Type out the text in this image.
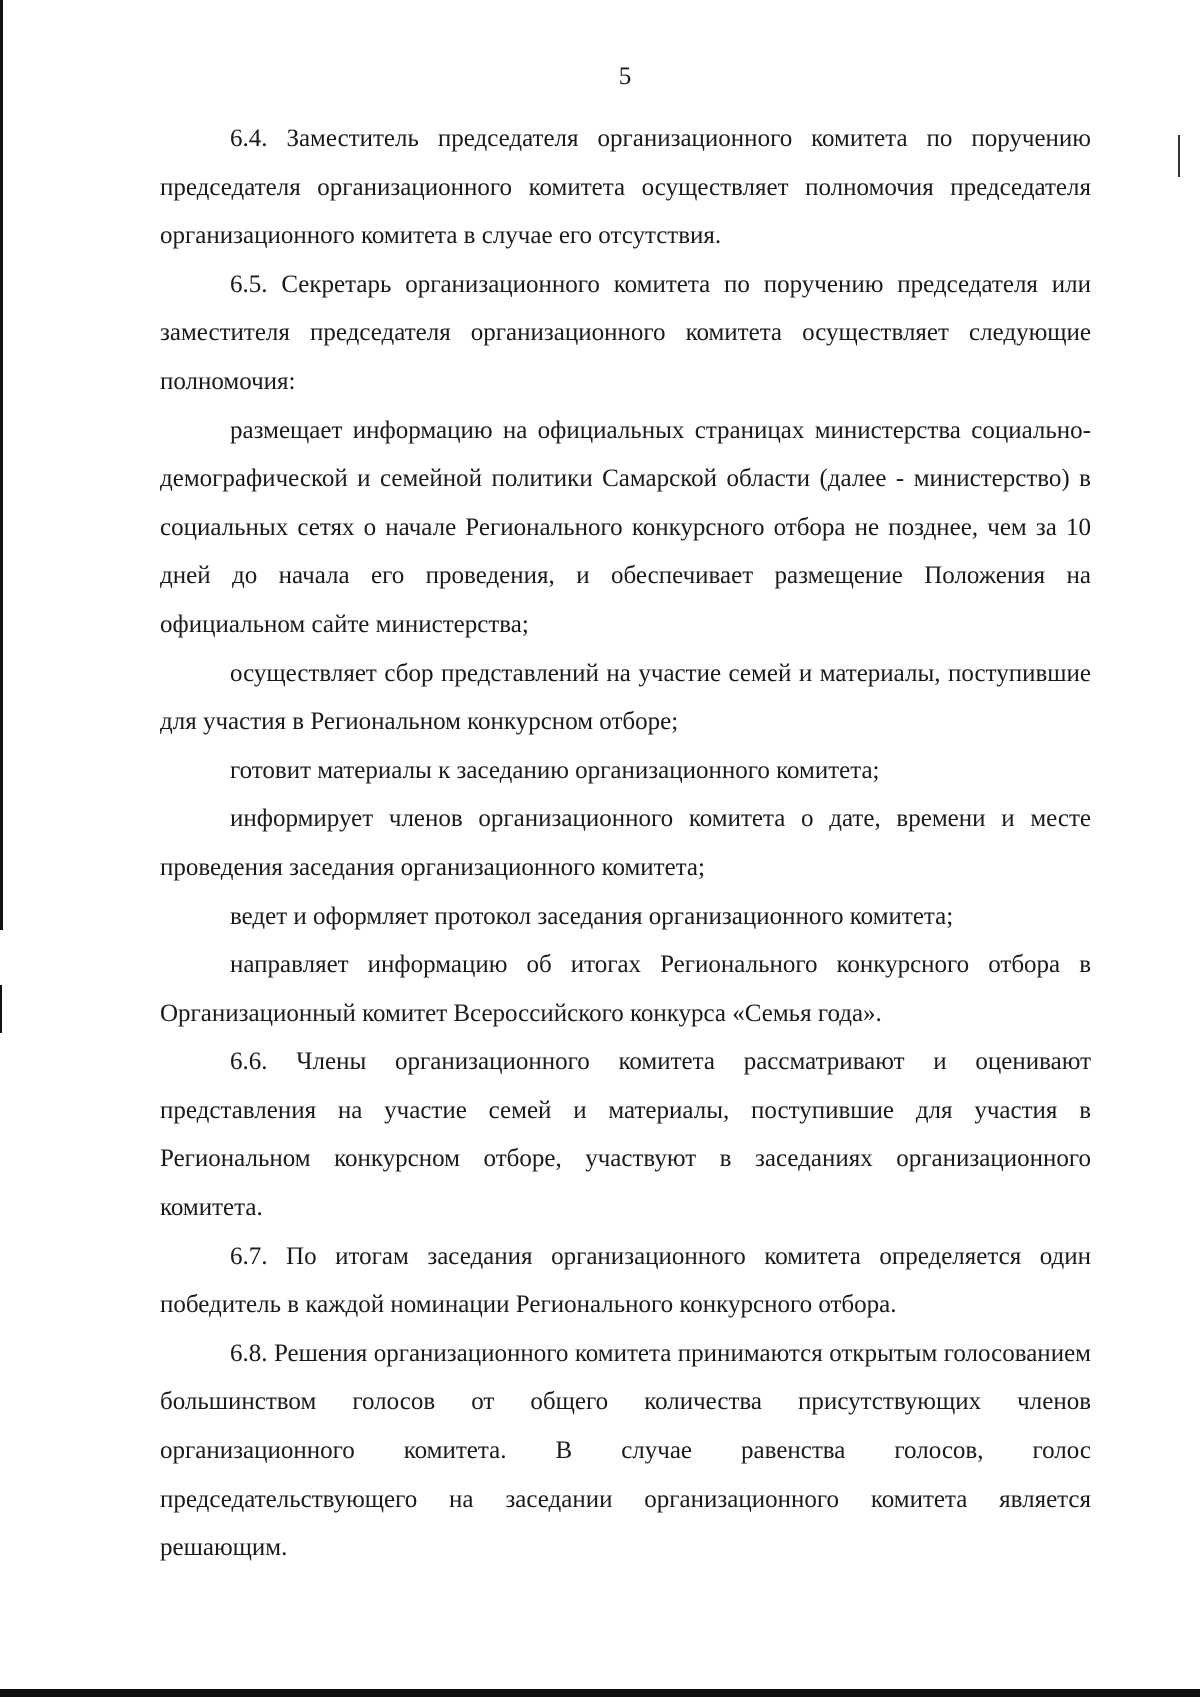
5

6.4. Заместитель председателя организационного комитета по поручению председателя организационного комитета осуществляет полномочия председателя организационного комитета в случае его отсутствия.

6.5. Секретарь организационного комитета по поручению председателя или заместителя председателя организационного комитета осуществляет следующие полномочия:

размещает информацию на официальных страницах министерства социально-демографической и семейной политики Самарской области (далее - министерство) в социальных сетях о начале Регионального конкурсного отбора не позднее, чем за 10 дней до начала его проведения, и обеспечивает размещение Положения на официальном сайте министерства;

осуществляет сбор представлений на участие семей и материалы, поступившие для участия в Региональном конкурсном отборе;

готовит материалы к заседанию организационного комитета;

информирует членов организационного комитета о дате, времени и месте проведения заседания организационного комитета;

ведет и оформляет протокол заседания организационного комитета;

направляет информацию об итогах Регионального конкурсного отбора в Организационный комитет Всероссийского конкурса «Семья года».

6.6. Члены организационного комитета рассматривают и оценивают представления на участие семей и материалы, поступившие для участия в Региональном конкурсном отборе, участвуют в заседаниях организационного комитета.

6.7. По итогам заседания организационного комитета определяется один победитель в каждой номинации Регионального конкурсного отбора.

6.8. Решения организационного комитета принимаются открытым голосованием большинством голосов от общего количества присутствующих членов организационного комитета. В случае равенства голосов, голос председательствующего на заседании организационного комитета является решающим.
